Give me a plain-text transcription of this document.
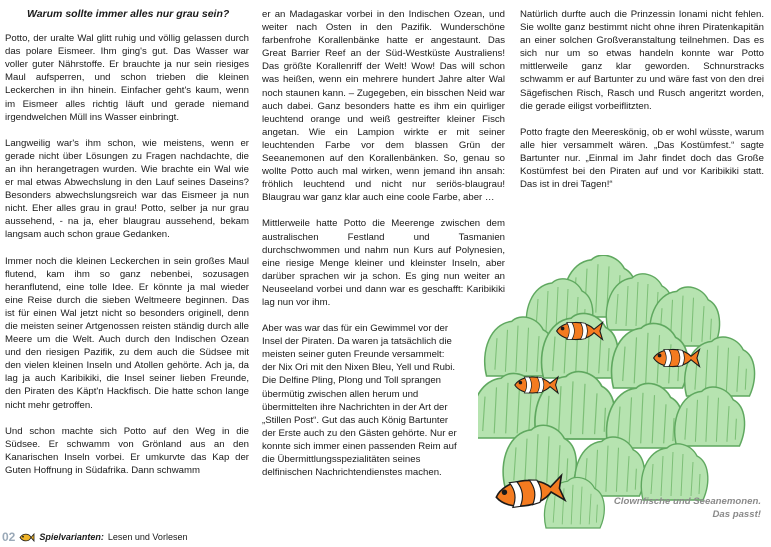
Warum sollte immer alles nur grau sein?

Potto, der uralte Wal glitt ruhig und völlig gelassen durch das polare Eismeer. Ihm ging's gut. Das Wasser war voller guter Nährstoffe. Er brauchte ja nur sein riesiges Maul aufsperren, und schon trieben die kleinen Leckerchen in ihn hinein. Einfacher geht's kaum, wenn im Eismeer alles richtig läuft und gerade niemand irgendwelchen Müll ins Wasser einbringt.

Langweilig war's ihm schon, wie meistens, wenn er gerade nicht über Lösungen zu Fragen nachdachte, die an ihn herangetragen wurden. Wie brachte ein Wal wie er mal etwas Abwechslung in den Lauf seines Daseins? Besonders abwechslungsreich war das Eismeer ja nun nicht. Eher alles grau in grau! Potto, selber ja nur grau aussehend, - na ja, eher blaugrau aussehend, bekam langsam auch schon graue Gedanken.

Immer noch die kleinen Leckerchen in sein großes Maul flutend, kam ihm so ganz nebenbei, sozusagen heranflutend, eine tolle Idee. Er könnte ja mal wieder eine Reise durch die sieben Weltmeere beginnen. Das ist für einen Wal jetzt nicht so besonders originell, denn die meisten seiner Artgenossen reisten ständig durch alle Meere um die Welt. Auch durch den Indischen Ozean und den riesigen Pazifik, zu dem auch die Südsee mit den vielen kleinen Inseln und Atollen gehörte. Ach ja, da lag ja auch Karibikiki, die Insel seiner lieben Freunde, den Piraten des Käpt'n Hackfisch. Die hatte schon lange nicht mehr getroffen.

Und schon machte sich Potto auf den Weg in die Südsee. Er schwamm von Grönland aus an den Kanarischen Inseln vorbei. Er umkurvte das Kap der Guten Hoffnung in Südafrika. Dann schwamm

er an Madagaskar vorbei in den Indischen Ozean, und weiter nach Osten in den Pazifik. Wunderschöne farbenfrohe Korallenbänke hatte er angestaunt. Das Great Barrier Reef an der Süd-Westküste Australiens! Das größte Korallenriff der Welt! Wow! Das will schon was heißen, wenn ein mehrere hundert Jahre alter Wal noch staunen kann. – Zugegeben, ein bisschen Neid war auch dabei. Ganz besonders hatte es ihm ein quirliger leuchtend orange und weiß gestreifter kleiner Fisch angetan. Wie ein Lampion wirkte er mit seiner leuchtenden Farbe vor dem blassen Grün der Seeanemonen auf den Korallenbänken. So, genau so wollte Potto auch mal wirken, wenn jemand ihn ansah: fröhlich leuchtend und nicht nur seriös-blaugrau! Blaugrau war ganz klar auch eine coole Farbe, aber …

Mittlerweile hatte Potto die Meerenge zwischen dem australischen Festland und Tasmanien durchschwommen und nahm nun Kurs auf Polynesien, eine riesige Menge kleiner und kleinster Inseln, aber darüber sprachen wir ja schon. Es ging nun weiter an Neuseeland vorbei und dann war es geschafft: Karibikiki lag nun vor ihm.

Aber was war das für ein Gewimmel vor der Insel der Piraten. Da waren ja tatsächlich die meisten seiner guten Freunde versammelt: der Nix Ori mit den Nixen Bleu, Yell und Rubi. Die Delfine Pling, Plong und Toll sprangen übermütig zwischen allen herum und übermittelten ihre Nachrichten in der Art der „Stillen Post“. Gut das auch König Bartunter der Erste auch zu den Gästen gehörte. Nur er konnte sich immer einen passenden Reim auf die Übermittlungsspezialitäten seines delfinischen Nachrichtendienstes machen.

Natürlich durfte auch die Prinzessin Ionami nicht fehlen. Sie wollte ganz bestimmt nicht ohne ihren Piratenkapitän an einer solchen Großveranstaltung teilnehmen. Das es sich nur um so etwas handeln konnte war Potto mittlerweile ganz klar geworden. Schnurstracks schwamm er auf Bartunter zu und wäre fast von den drei Sägefischen Risch, Rasch und Rusch angeritzt worden, die gerade eiligst vorbeiflitzten.

Potto fragte den Meereskönig, ob er wohl wüsste, warum alle hier versammelt wären. „Das Kostümfest.“ sagte Bartunter nur. „Einmal im Jahr findet doch das Große Kostümfest bei den Piraten auf und vor Karibikiki statt. Das ist in drei Tagen!“

Clownfische und Seeanemonen.
Das passt!
02	Spielvarianten: Lesen und Vorlesen
